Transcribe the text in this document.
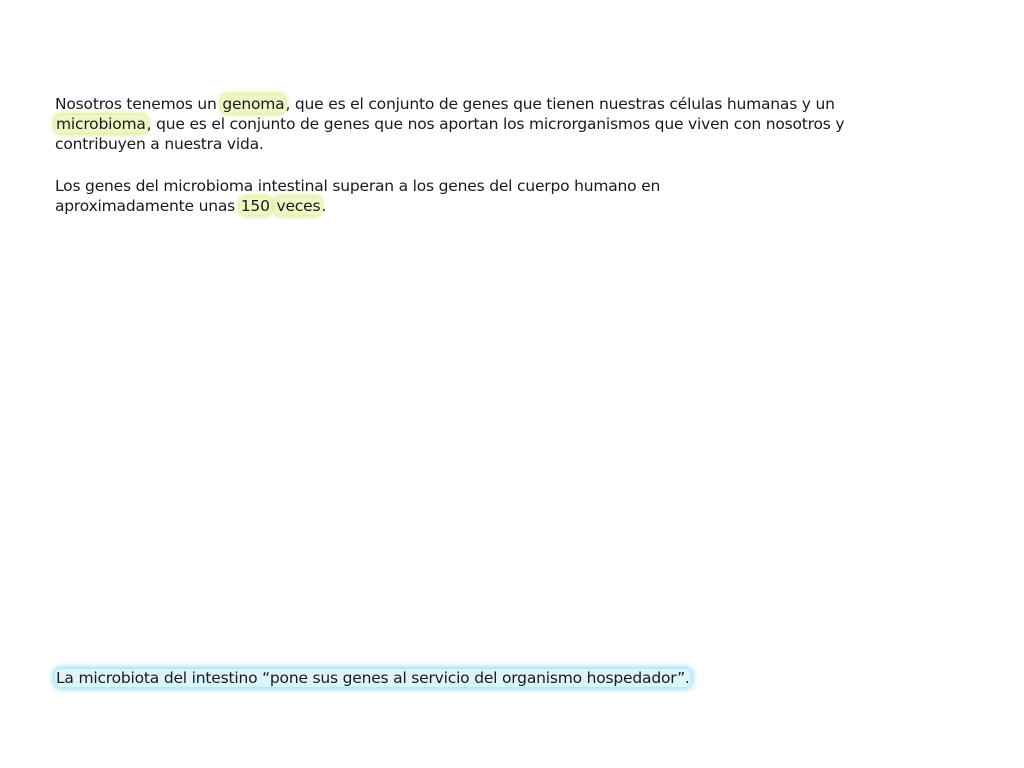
Nosotros tenemos un genoma, que es el conjunto de genes que tienen nuestras células humanas y un
microbioma, que es el conjunto de genes que nos aportan los microrganismos que viven con nosotros y
contribuyen a nuestra vida.
Los genes del microbioma intestinal superan a los genes del cuerpo humano en
aproximadamente unas 150 veces.
La microbiota del intestino “pone sus genes al servicio del organismo hospedador”.
